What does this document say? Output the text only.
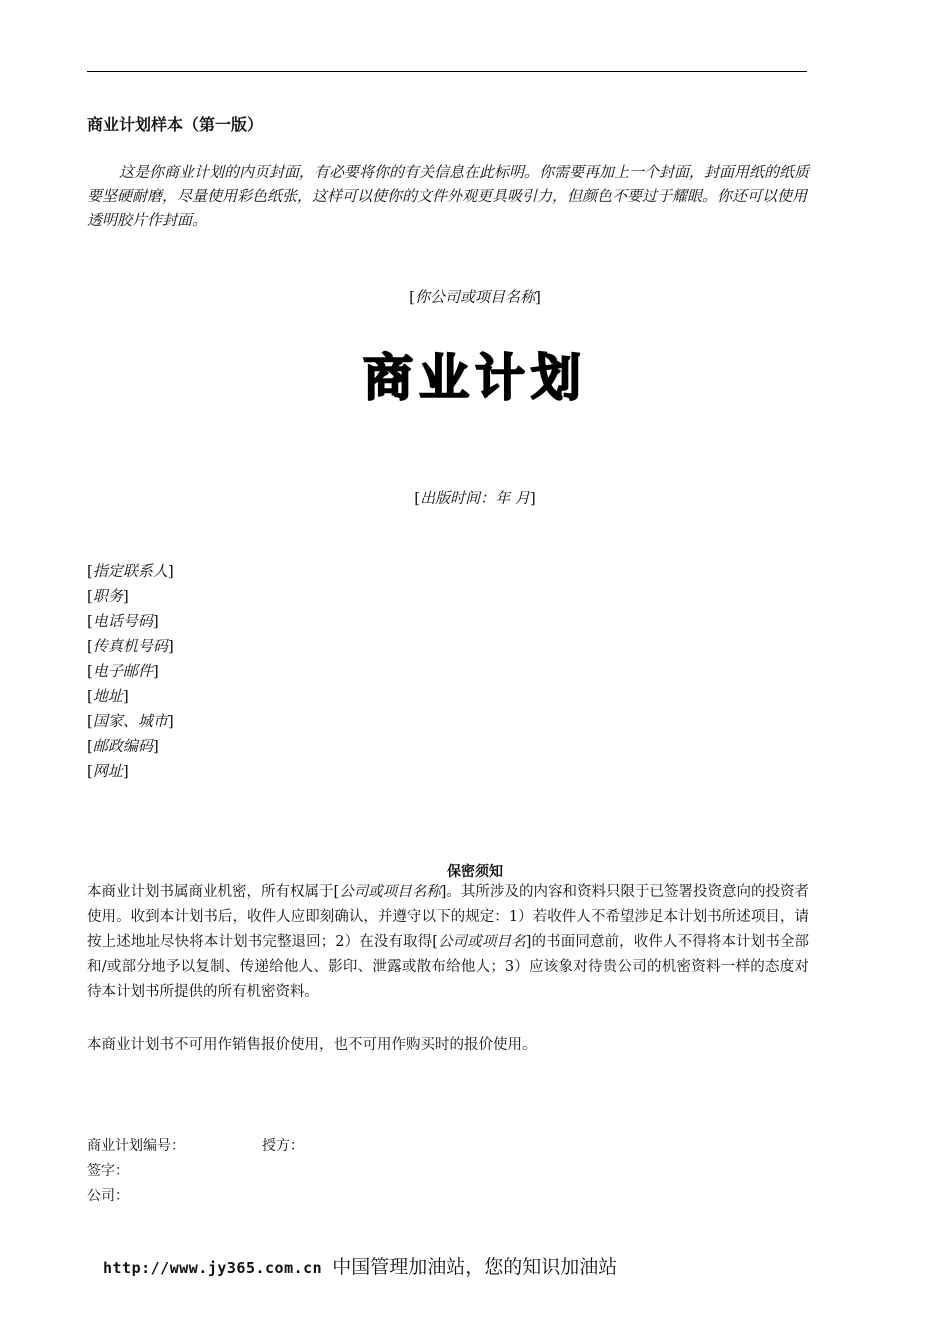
商业计划样本（第一版）

这是你商业计划的内页封面，有必要将你的有关信息在此标明。你需要再加上一个封面，封面用纸的纸质要坚硬耐磨，尽量使用彩色纸张，这样可以使你的文件外观更具吸引力，但颜色不要过于耀眼。你还可以使用透明胶片作封面。

[你公司或项目名称]
商业计划
[出版时间：年 月]
[指定联系人]
[职务]
[电话号码]
[传真机号码]
[电子邮件]
[地址]
[国家、城市]
[邮政编码]
[网址]
保密须知

本商业计划书属商业机密，所有权属于[公司或项目名称]。其所涉及的内容和资料只限于已签署投资意向的投资者使用。收到本计划书后，收件人应即刻确认，并遵守以下的规定：1）若收件人不希望涉足本计划书所述项目，请按上述地址尽快将本计划书完整退回；2）在没有取得[公司或项目名]的书面同意前，收件人不得将本计划书全部和/或部分地予以复制、传递给他人、影印、泄露或散布给他人；3）应该象对待贵公司的机密资料一样的态度对待本计划书所提供的所有机密资料。

本商业计划书不可用作销售报价使用，也不可用作购买时的报价使用。

商业计划编号：	授方：
签字：
公司：
http://www.jy365.com.cn 中国管理加油站，您的知识加油站
